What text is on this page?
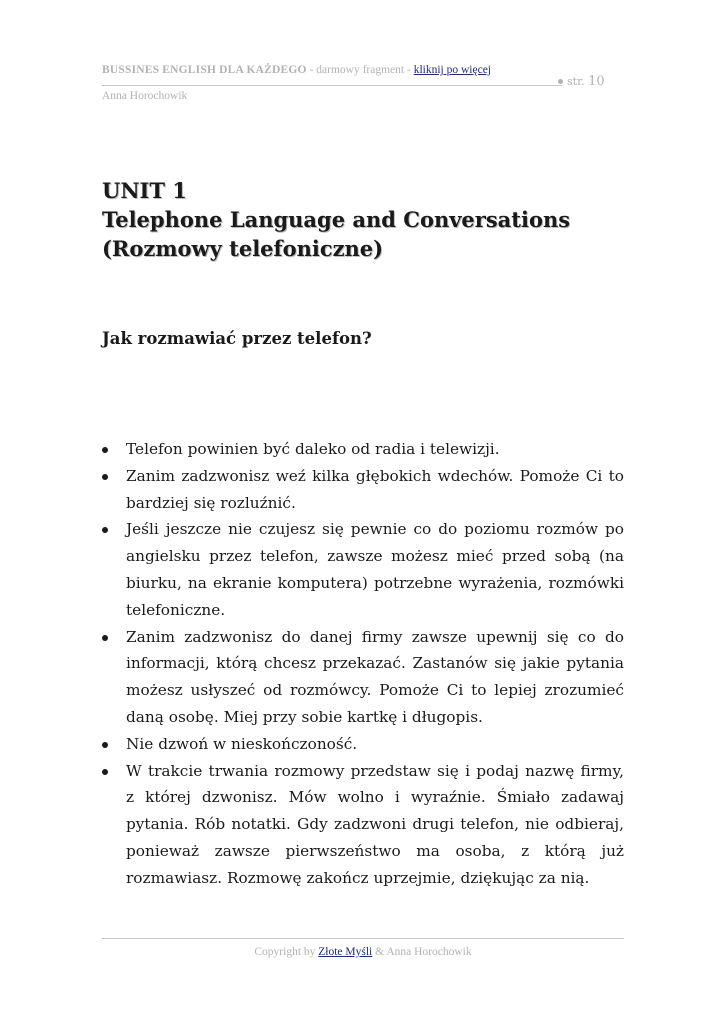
BUSSINES ENGLISH DLA KAŻDEGO - darmowy fragment - kliknij po więcej
Anna Horochowik
str. 10
UNIT 1
Telephone Language and Conversations
(Rozmowy telefoniczne)
Jak rozmawiać przez telefon?
Telefon powinien być daleko od radia i telewizji.
Zanim zadzwonisz weź kilka głębokich wdechów. Pomoże Ci to bardziej się rozluźnić.
Jeśli jeszcze nie czujesz się pewnie co do poziomu rozmów po angielsku przez telefon, zawsze możesz mieć przed sobą (na biurku, na ekranie komputera) potrzebne wyrażenia, rozmówki telefoniczne.
Zanim zadzwonisz do danej firmy zawsze upewnij się co do informacji, którą chcesz przekazać. Zastanów się jakie pytania możesz usłyszeć od rozmówcy. Pomoże Ci to lepiej zrozumieć daną osobę. Miej przy sobie kartkę i długopis.
Nie dzwoń w nieskończoność.
W trakcie trwania rozmowy przedstaw się i podaj nazwę firmy, z której dzwonisz. Mów wolno i wyraźnie. Śmiało zadawaj pytania. Rób notatki. Gdy zadzwoni drugi telefon, nie odbieraj, ponieważ zawsze pierwszeństwo ma osoba, z którą już rozmawiasz. Rozmowę zakończ uprzejmie, dziękując za nią.
Copyright by Złote Myśli & Anna Horochowik
